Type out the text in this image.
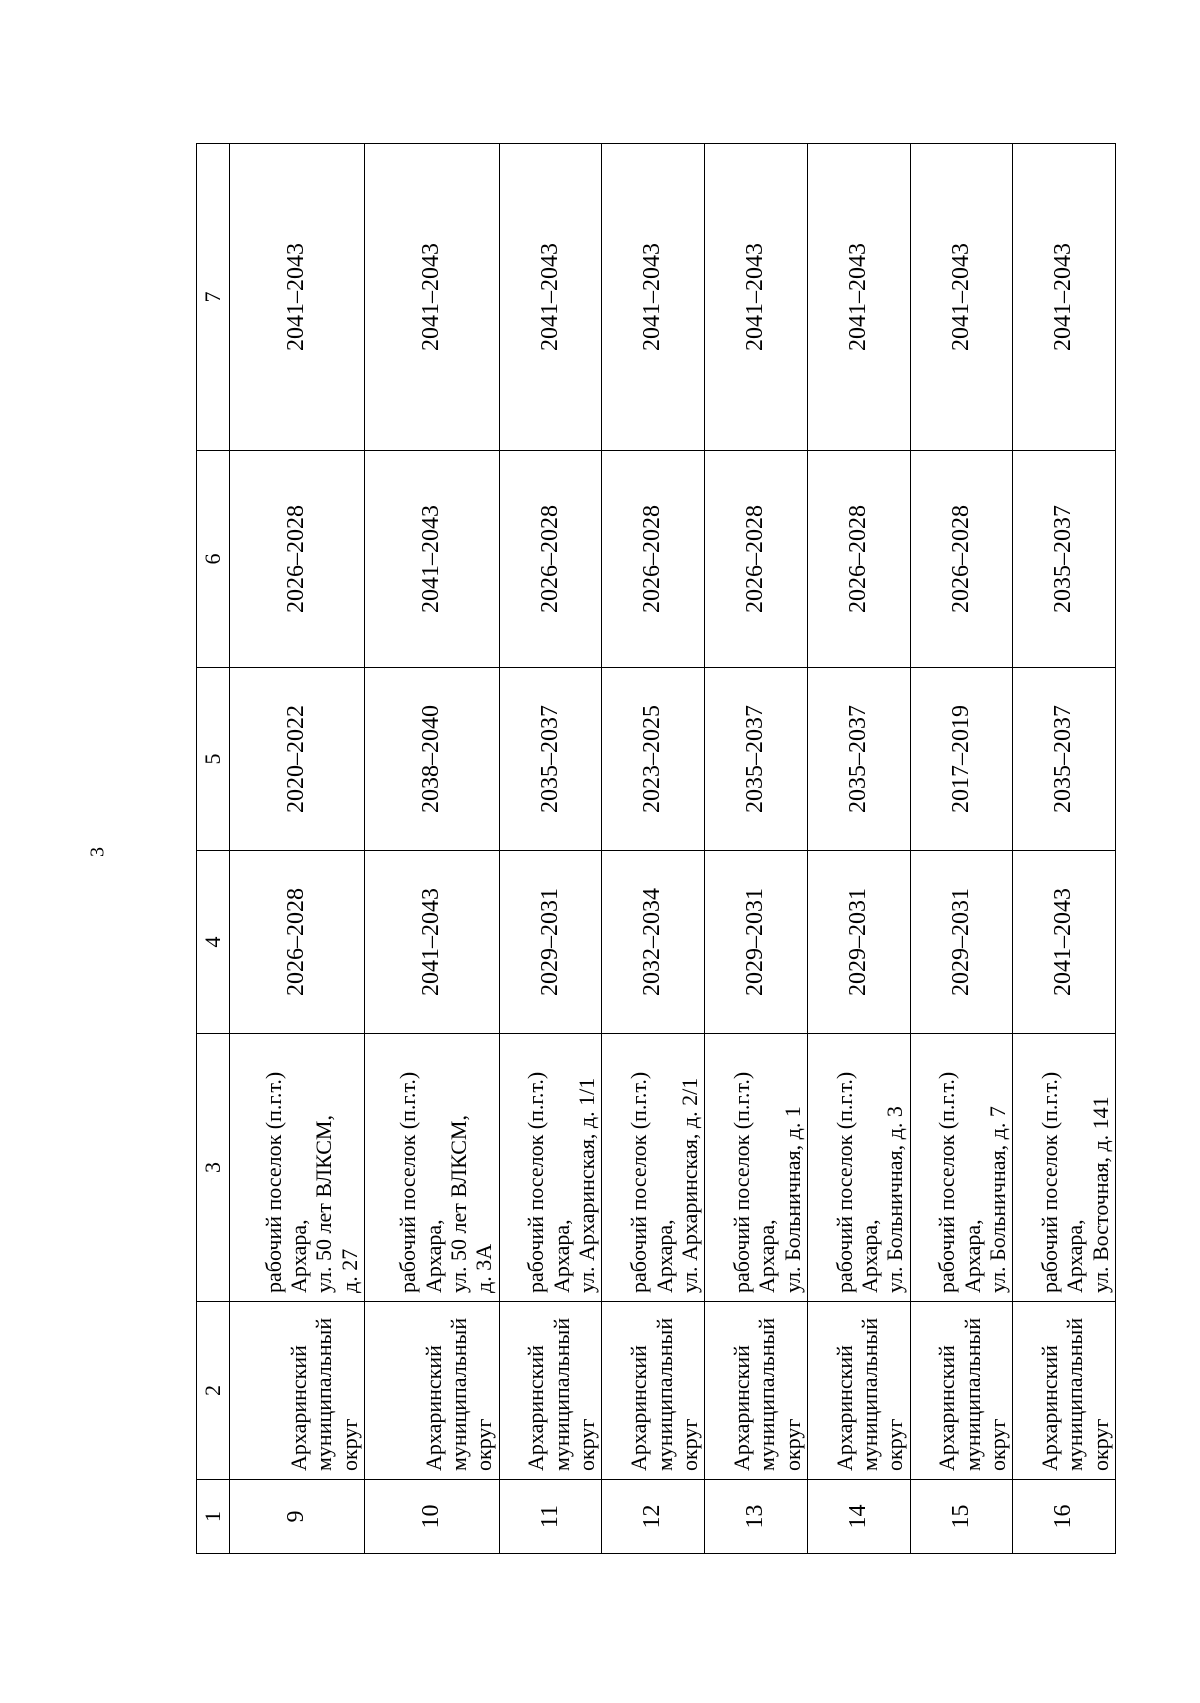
3
1	2	3	4	5	6	7
9	Архаринский муниципальный округ	рабочий поселок (п.г.т.) Архара, ул. 50 лет ВЛКСМ, д. 27	2026–2028	2020–2022	2026–2028	2041–2043
10	Архаринский муниципальный округ	рабочий поселок (п.г.т.) Архара, ул. 50 лет ВЛКСМ, д. 3А	2041–2043	2038–2040	2041–2043	2041–2043
11	Архаринский муниципальный округ	рабочий поселок (п.г.т.) Архара, ул. Архаринская, д. 1/1	2029–2031	2035–2037	2026–2028	2041–2043
12	Архаринский муниципальный округ	рабочий поселок (п.г.т.) Архара, ул. Архаринская, д. 2/1	2032–2034	2023–2025	2026–2028	2041–2043
13	Архаринский муниципальный округ	рабочий поселок (п.г.т.) Архара, ул. Больничная, д. 1	2029–2031	2035–2037	2026–2028	2041–2043
14	Архаринский муниципальный округ	рабочий поселок (п.г.т.) Архара, ул. Больничная, д. 3	2029–2031	2035–2037	2026–2028	2041–2043
15	Архаринский муниципальный округ	рабочий поселок (п.г.т.) Архара, ул. Больничная, д. 7	2029–2031	2017–2019	2026–2028	2041–2043
16	Архаринский муниципальный округ	рабочий поселок (п.г.т.) Архара, ул. Восточная, д. 141	2041–2043	2035–2037	2035–2037	2041–2043
